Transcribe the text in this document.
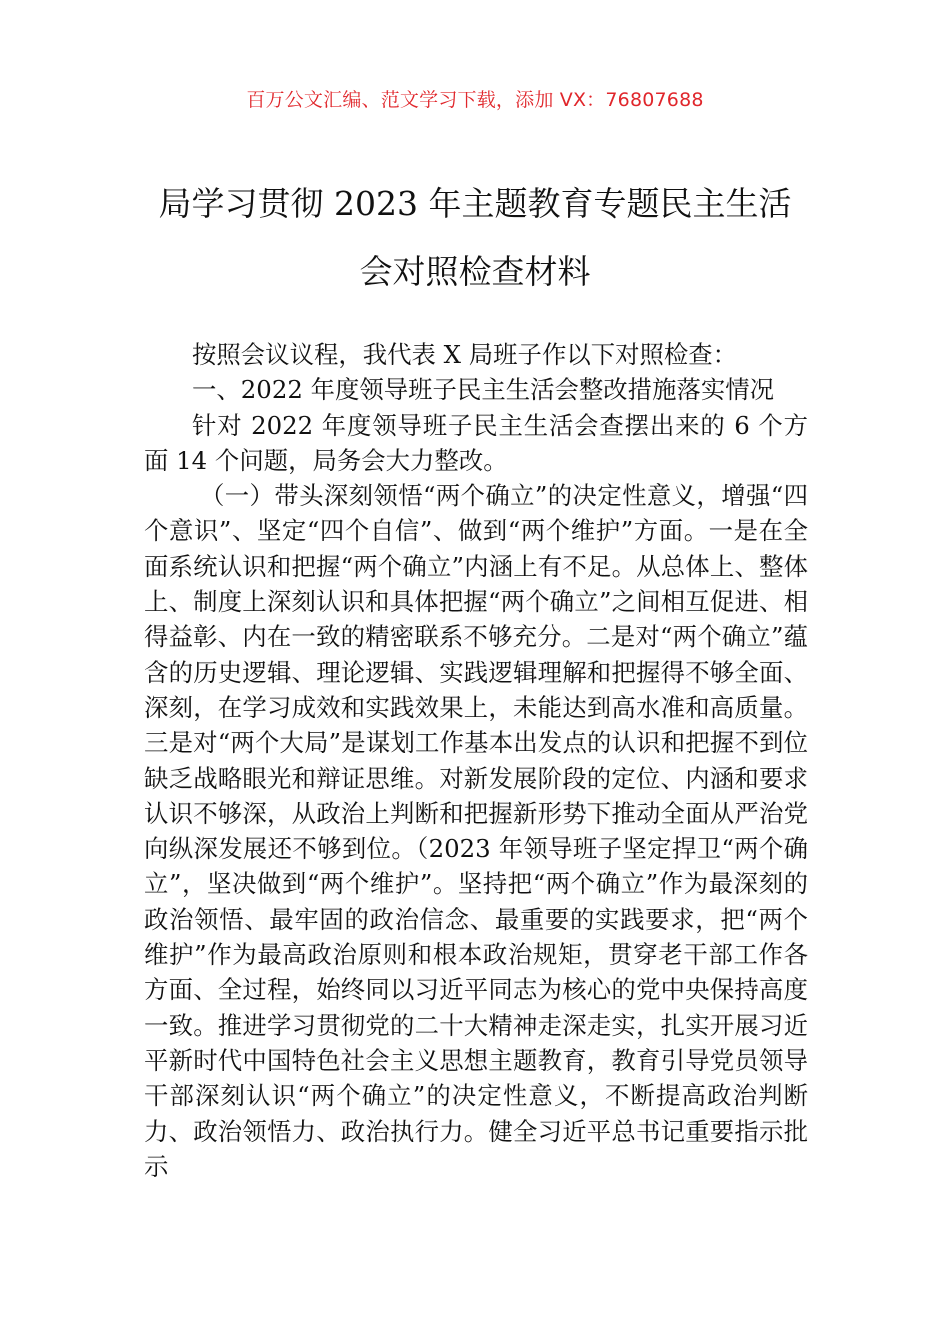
百万公文汇编、范文学习下载，添加 VX：76807688
局学习贯彻 2023 年主题教育专题民主生活
会对照检查材料

按照会议议程，我代表 X 局班子作以下对照检查：

一、2022 年度领导班子民主生活会整改措施落实情况

针对 2022 年度领导班子民主生活会查摆出来的 6 个方面 14 个问题，局务会大力整改。

（一）带头深刻领悟“两个确立”的决定性意义，增强“四个意识”、坚定“四个自信”、做到“两个维护”方面。一是在全面系统认识和把握“两个确立”内涵上有不足。从总体上、整体上、制度上深刻认识和具体把握“两个确立”之间相互促进、相得益彰、内在一致的精密联系不够充分。二是对“两个确立”蕴含的历史逻辑、理论逻辑、实践逻辑理解和把握得不够全面、深刻，在学习成效和实践效果上，未能达到高水准和高质量。三是对“两个大局”是谋划工作基本出发点的认识和把握不到位缺乏战略眼光和辩证思维。对新发展阶段的定位、内涵和要求认识不够深，从政治上判断和把握新形势下推动全面从严治党向纵深发展还不够到位。（2023 年领导班子坚定捍卫“两个确立”，坚决做到“两个维护”。坚持把“两个确立”作为最深刻的政治领悟、最牢固的政治信念、最重要的实践要求，把“两个维护”作为最高政治原则和根本政治规矩，贯穿老干部工作各方面、全过程，始终同以习近平同志为核心的党中央保持高度一致。推进学习贯彻党的二十大精神走深走实，扎实开展习近平新时代中国特色社会主义思想主题教育，教育引导党员领导干部深刻认识“两个确立”的决定性意义，不断提高政治判断力、政治领悟力、政治执行力。健全习近平总书记重要指示批示
